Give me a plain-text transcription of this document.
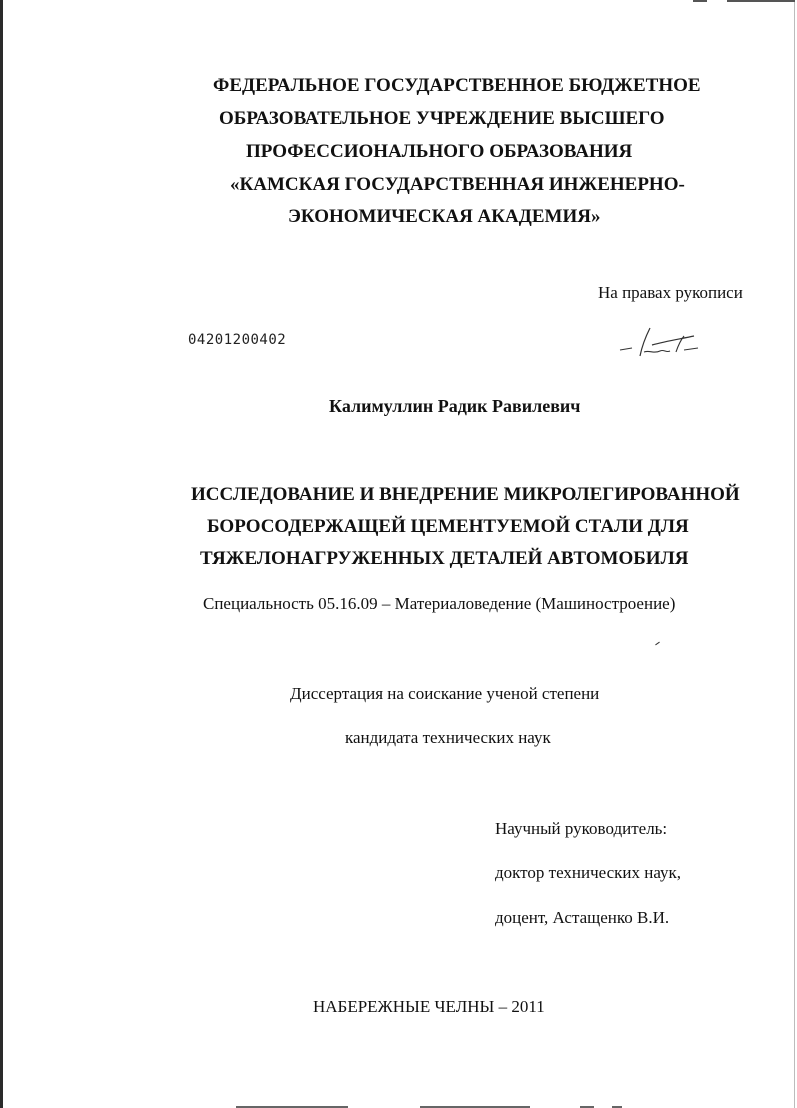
ФЕДЕРАЛЬНОЕ ГОСУДАРСТВЕННОЕ БЮДЖЕТНОЕ
ОБРАЗОВАТЕЛЬНОЕ УЧРЕЖДЕНИЕ ВЫСШЕГО
ПРОФЕССИОНАЛЬНОГО ОБРАЗОВАНИЯ
«КАМСКАЯ ГОСУДАРСТВЕННАЯ ИНЖЕНЕРНО-
ЭКОНОМИЧЕСКАЯ АКАДЕМИЯ»
На правах рукописи
04201200402
Калимуллин Радик Равилевич
ИССЛЕДОВАНИЕ И ВНЕДРЕНИЕ МИКРОЛЕГИРОВАННОЙ
БОРОСОДЕРЖАЩЕЙ ЦЕМЕНТУЕМОЙ СТАЛИ ДЛЯ
ТЯЖЕЛОНАГРУЖЕННЫХ ДЕТАЛЕЙ АВТОМОБИЛЯ
Специальность 05.16.09 – Материаловедение (Машиностроение)
Диссертация на соискание ученой степени
кандидата технических наук
Научный руководитель:
доктор технических наук,
доцент, Астащенко В.И.
НАБЕРЕЖНЫЕ ЧЕЛНЫ – 2011
